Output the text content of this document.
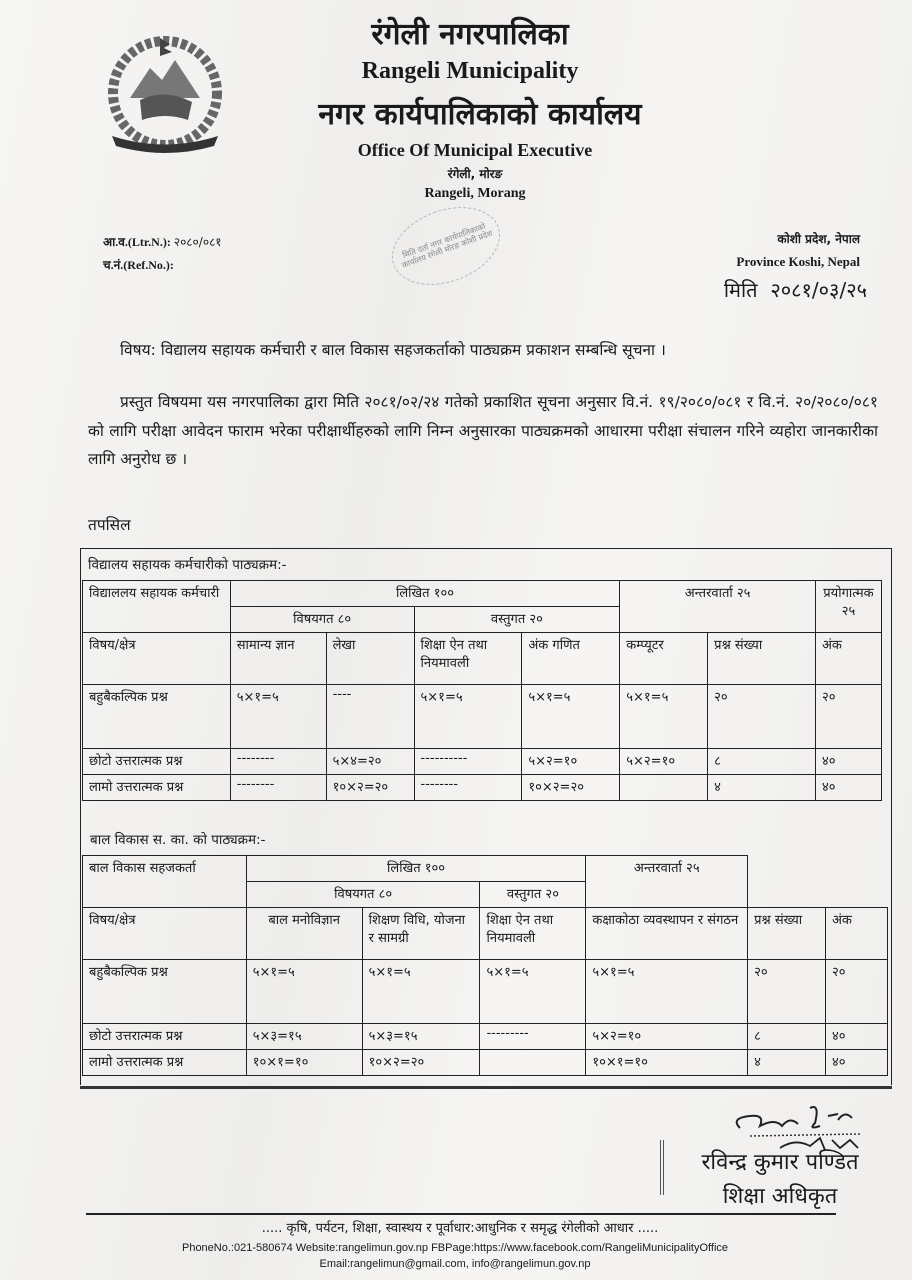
रंगेली नगरपालिका
Rangeli Municipality
नगर कार्यपालिकाको कार्यालय
Office Of Municipal Executive
रंगेली, मोरङ
Rangeli, Morang
मिति दर्ता नगर कार्यपालिकाको कार्यालय रंगेली मोरङ कोशी प्रदेश
आ.व.(Ltr.N.): २०८०/०८१
च.नं.(Ref.No.):
कोशी प्रदेश, नेपाल
Province Koshi, Nepal
मिति २०८१/०३/२५
विषय: विद्यालय सहायक कर्मचारी र बाल विकास सहजकर्ताको पाठ्यक्रम प्रकाशन सम्बन्धि सूचना ।
प्रस्तुत विषयमा यस नगरपालिका द्वारा मिति २०८१/०२/२४ गतेको प्रकाशित सूचना अनुसार वि.नं. १९/२०८०/०८१ र वि.नं. २०/२०८०/०८१ को लागि परीक्षा आवेदन फाराम भरेका परीक्षार्थीहरुको लागि निम्न अनुसारका पाठ्यक्रमको आधारमा परीक्षा संचालन गरिने व्यहोरा जानकारीका लागि अनुरोध छ ।
तपसिल
विद्यालय सहायक कर्मचारीको पाठ्यक्रम:-
विद्याललय सहायक कर्मचारी	लिखित १००				अन्तरवार्ता २५		प्रयोगात्मक २५
	विषयगत ८०		वस्तुगत २०				
विषय/क्षेत्र	सामान्य ज्ञान	लेखा	शिक्षा ऐन तथा नियमावली	अंक गणित	कम्प्यूटर	प्रश्न संख्या	अंक
बहुबैकल्पिक प्रश्न	५×१=५	----	५×१=५	५×१=५	५×१=५	२०	२०
छोटो उत्तरात्मक प्रश्न	--------	५×४=२०	----------	५×२=१०	५×२=१०	८	४०
लामो उत्तरात्मक प्रश्न	--------	१०×२=२०	--------	१०×२=२०		४	४०
बाल विकास स. का. को पाठ्यक्रम:-
बाल विकास सहजकर्ता	लिखित १००			अन्तरवार्ता २५		
	विषयगत ८०		वस्तुगत २०			
विषय/क्षेत्र	बाल मनोविज्ञान	शिक्षण विधि, योजना र सामग्री	शिक्षा ऐन तथा नियमावली	कक्षाकोठा व्यवस्थापन र संगठन	प्रश्न संख्या	अंक
बहुबैकल्पिक प्रश्न	५×१=५	५×१=५	५×१=५	५×१=५	२०	२०
छोटो उत्तरात्मक प्रश्न	५×३=१५	५×३=१५	---------	५×२=१०	८	४०
लामो उत्तरात्मक प्रश्न	१०×१=१०	१०×२=२०		१०×१=१०	४	४०
रविन्द्र कुमार पण्डित
शिक्षा अधिकृत
..... कृषि, पर्यटन, शिक्षा, स्वास्थय र पूर्वाधार:आधुनिक र समृद्ध रंगेलीको आधार .....
PhoneNo.:021-580674 Website:rangelimun.gov.np FBPage:https://www.facebook.com/RangeliMunicipalityOffice
Email:rangelimun@gmail.com, info@rangelimun.gov.np
